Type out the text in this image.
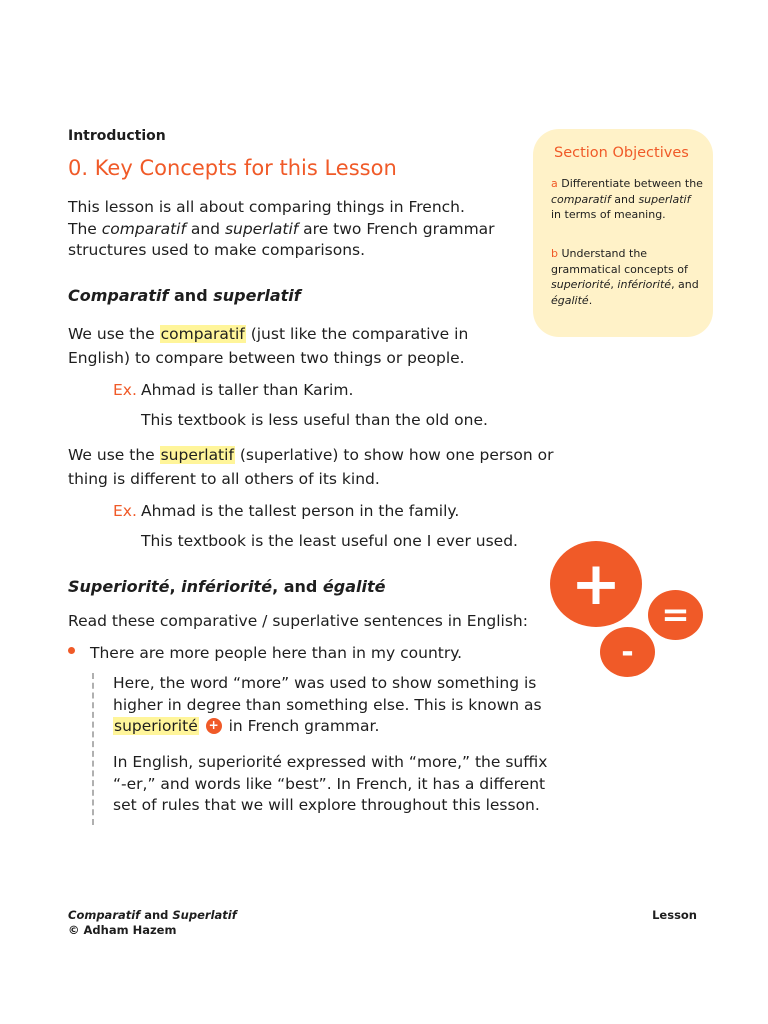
Introduction
0. Key Concepts for this Lesson
This lesson is all about comparing things in French.
The comparatif and superlatif are two French grammar
structures used to make comparisons.
Section Objectives
a Differentiate between the comparatif and superlatif in terms of meaning.
b Understand the grammatical concepts of superiorité, infériorité, and égalité.
Comparatif and superlatif
We use the comparatif (just like the comparative in English) to compare between two things or people.
Ex. Ahmad is taller than Karim.
This textbook is less useful than the old one.
We use the superlatif (superlative) to show how one person or thing is different to all others of its kind.
Ex. Ahmad is the tallest person in the family.
This textbook is the least useful one I ever used.
+	=
-
Superiorité, infériorité, and égalité
Read these comparative / superlative sentences in English:
There are more people here than in my country.
Here, the word “more” was used to show something is higher in degree than something else. This is known as superiorité + in French grammar.
In English, superiorité expressed with “more,” the suffix “-er,” and words like “best”. In French, it has a different set of rules that we will explore throughout this lesson.
Comparatif and Superlatif
© Adham Hazem
Lesson
